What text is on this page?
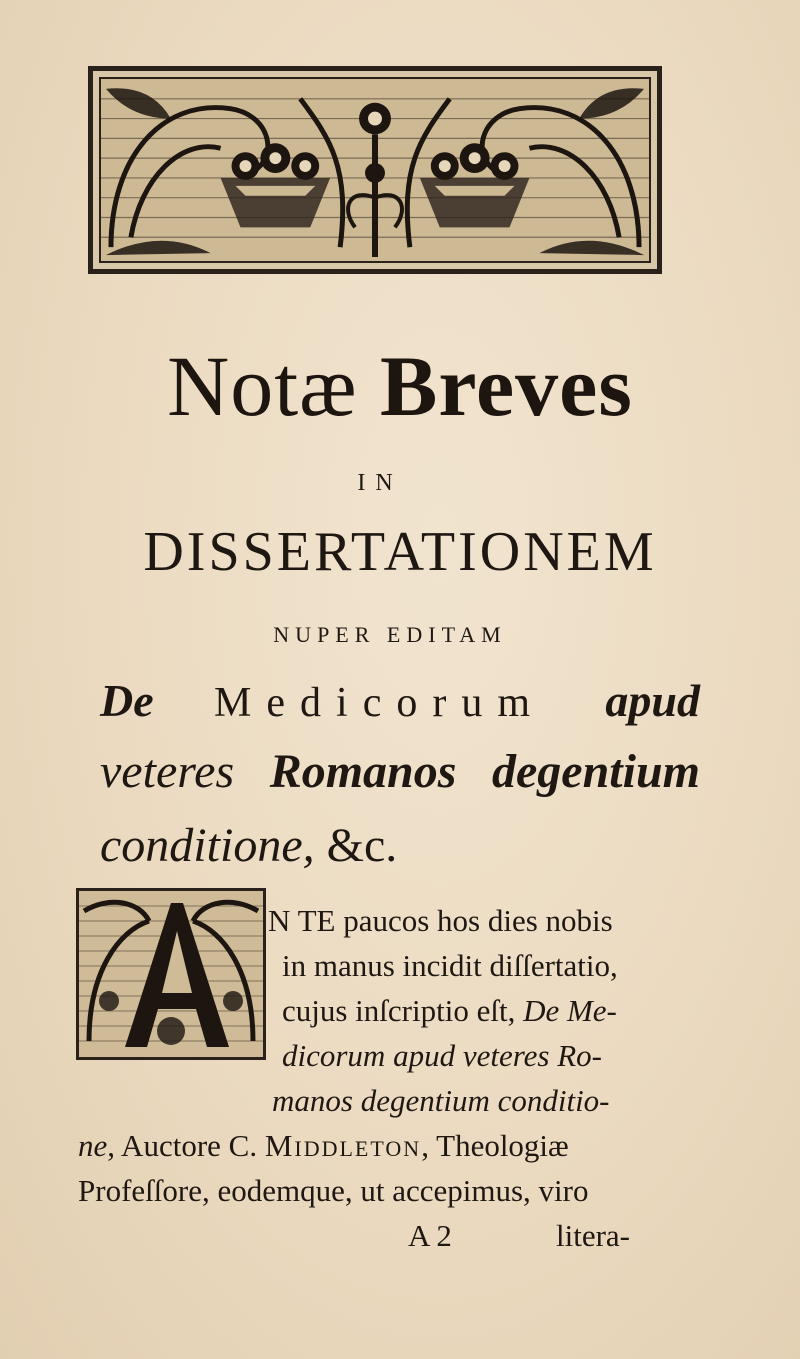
Notæ Breves
IN
DISSERTATIONEM
NUPER EDITAM
De Medicorum apud
veteres Romanos degentium
conditione, &c.
N TE paucos hos dies nobis
in manus incidit diſſertatio,
cujus inſcriptio eſt, De Me-
dicorum apud veteres Ro-
manos degentium conditio-
ne, Auctore C. Middleton, Theologiæ
Profeſſore, eodemque, ut accepimus, viro
A 2	litera-
